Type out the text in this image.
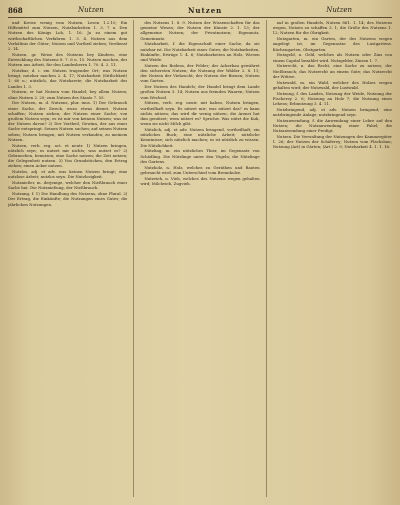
868	Nutzen	Nutzen	Nutzen

und Kreise wenig vom Nutzen, Lesen 1.2.10; Ein Hilfsmittel zum Nutzen, Nutzbarkeiten 1. 3. 7 u. Den Nutzen des Königs Lob, 1. 16. Ja zu einem gut wirthschaftlichen Verfahren 1. 3. 4. Nutzen aus dem Verhältnis der Güter; Nutzen und Vortheil ziehen; Verdienst 2. 14.

Nutzen, gr. Weise des Nutzens bey Kindern, eine Entwicklung des Nutzens 8. 7. 6 u. 15. Nutzen machen, der Nutzen aus Arbeit, für den Landesherrn 1. 70. 4. 2. 11.

Nutzbar, d. i. ein Nutzen tragender Ort; was Nutzen bringt, nutzbar machen 2. 4. 17; Nutzbarkeit (Sittlichkeit) 1. 60 u.; nützlich, das Nutzbarste; die Nutzbarkeit des Landes 1. 3.

Nutzen; er hat Nutzen vom Handel; bey allem Nutzen; ohne Nutzen 2. 20; zum Nutzen des Staats 7. 55.

Der Nutzen, m. d. Nutzens, plur. inus. 1) Der Gebrauch einer Sache, der Zweck, wozu etwas dienet. Nutzen schaffen; Nutzen ziehen; der Nutzen einer Sache; von großem Nutzen seyn; es ist mir von keinem Nutzen; was ist der Nutzen davon? 2) Der Vortheil, Gewinn, der aus einer Sache entspringt. Seinen Nutzen suchen; auf seinen Nutzen sehen; Nutzen bringen; mit Nutzen verkaufen; zu meinem Nutzen.

Nutzen, verb. reg. act. et neutr. 1) Nutzen bringen, nützlich seyn; es nutzet mir nichts; was nutzet es? 2) Gebrauchen, benutzen; eine Sache nutzen; die Zeit nutzen; die Gelegenheit nutzen. 3) Von Grundstücken, den Ertrag ziehen; einen Acker nutzen.

Nutzlos, adj. et adv. was keinen Nutzen bringt; eine nutzlose Arbeit; nutzlos seyn. Die Nutzlosigkeit.

Nutznießer, m. derjenige, welcher den Nießbrauch einer Sache hat. Die Nutznießung, der Nießbrauch.

Nutzung, f. 1) Die Handlung des Nutzens, ohne Plural. 2) Der Ertrag, die Einkünfte; die Nutzungen eines Gutes; die jährlichen Nutzungen.

des Nutzens 1. 8. 9. Nutzen der Wissenschaften für das gemeine Wesen; der Nutzen der Künste 2. 1. 13; der allgemeine Nutzen; der Privatnutzen; Eigennutz, Gemeinnutz.

Nutzbarkeit, f. die Eigenschaft einer Sache, da sie nutzbar ist. Die Nutzbarkeit eines Gutes; die Nutzbarkeiten, Einkünfte, Erträge 1. 4. 6; Nutzbarkeiten an Holz, Wiesen und Weide.

Nutzen des Bodens, der Felder; der Ackerbau gewähret den sichersten Nutzen; die Nutzung der Wälder 2. 8. 11; der Nutzen der Viehzucht; der Nutzen der Bienen; Nutzen vom Garten.

Der Nutzen des Handels; der Handel bringt dem Lande großen Nutzen 3. 14; Nutzen aus fremden Waaren; Nutzen vom Wechsel.

Nützen, verb. reg. neutr. mit haben, Nutzen bringen, vortheilhaft seyn. Es nützet mir; was nützet das? es kann nichts nützen; das wird dir wenig nützen; die Arznei hat ihm genützet; wem nützet es? Sprichw. Was nützt die Kuh, wenn sie nicht Milch gibt.

Nützlich, adj. et adv. Nutzen bringend, vortheilhaft; ein nützliches Buch; eine nützliche Arbeit; nützliche Kenntnisse; sich nützlich machen; es ist nützlich zu wissen. Die Nützlichkeit.

Nützling, m. ein nützliches Thier, im Gegensatz von Schädling. Die Nützlinge unter den Vögeln; die Nützlinge des Gartens.

Nutzholz, n. Holz, welches zu Geräthen und Bauten gebraucht wird, zum Unterschied vom Brennholze.

Nutzvieh, n. Vieh, welches des Nutzens wegen gehalten wird; Milchvieh, Zugvieh.

auf in großen Handels, Nutzen 861. 1. 14; des Nutzens wegen, Nutzen zu schaffen 3. 1; die Größe des Nutzens 1. 12; Nutzen für die Obrigkeit.

Nutzgarten, m. ein Garten, der des Nutzens wegen angelegt ist, im Gegensatze des Lustgartens. Küchengarten, Obstgarten.

Nutzgeld, n. Geld, welches als Nutzen oder Zins von einem Capital bezahlet wird. Nutzgelder, Zinsen 1. 7.

Nutzrecht, n. das Recht, eine Sache zu nutzen; der Nießbrauch; das Nutzrecht an einem Gute; das Nutzrecht der Wittwe.

Nutzwald, m. ein Wald, welcher des Holzes wegen gehalten wird; der Nutzwald, der Lustwald.

Nutzung, f. des Landes, Nutzung der Weide, Nutzung der Fischerey 2. 6; Nutzung an Holz 7; die Nutzung eines Lehens; Erbnutzung 3. 4. 11.

Nutzbringend, adj. et adv. Nutzen bringend; eine nutzbringende Anlage; nutzbringend seyn.

Nutzanwendung, f. die Anwendung einer Lehre auf den Nutzen; die Nutzanwendung einer Fabel; die Nutzanwendung einer Predigt.

Nutzen. Die Verwaltung der Nutzungen der Kammergüter 1. 26; der Nutzen der Schäferey; Nutzen vom Flachsbau; Nutzung (Art) in Gärten; (Art.) 2. 9; Nutzbarkeit 4. 1. 1. 16.
